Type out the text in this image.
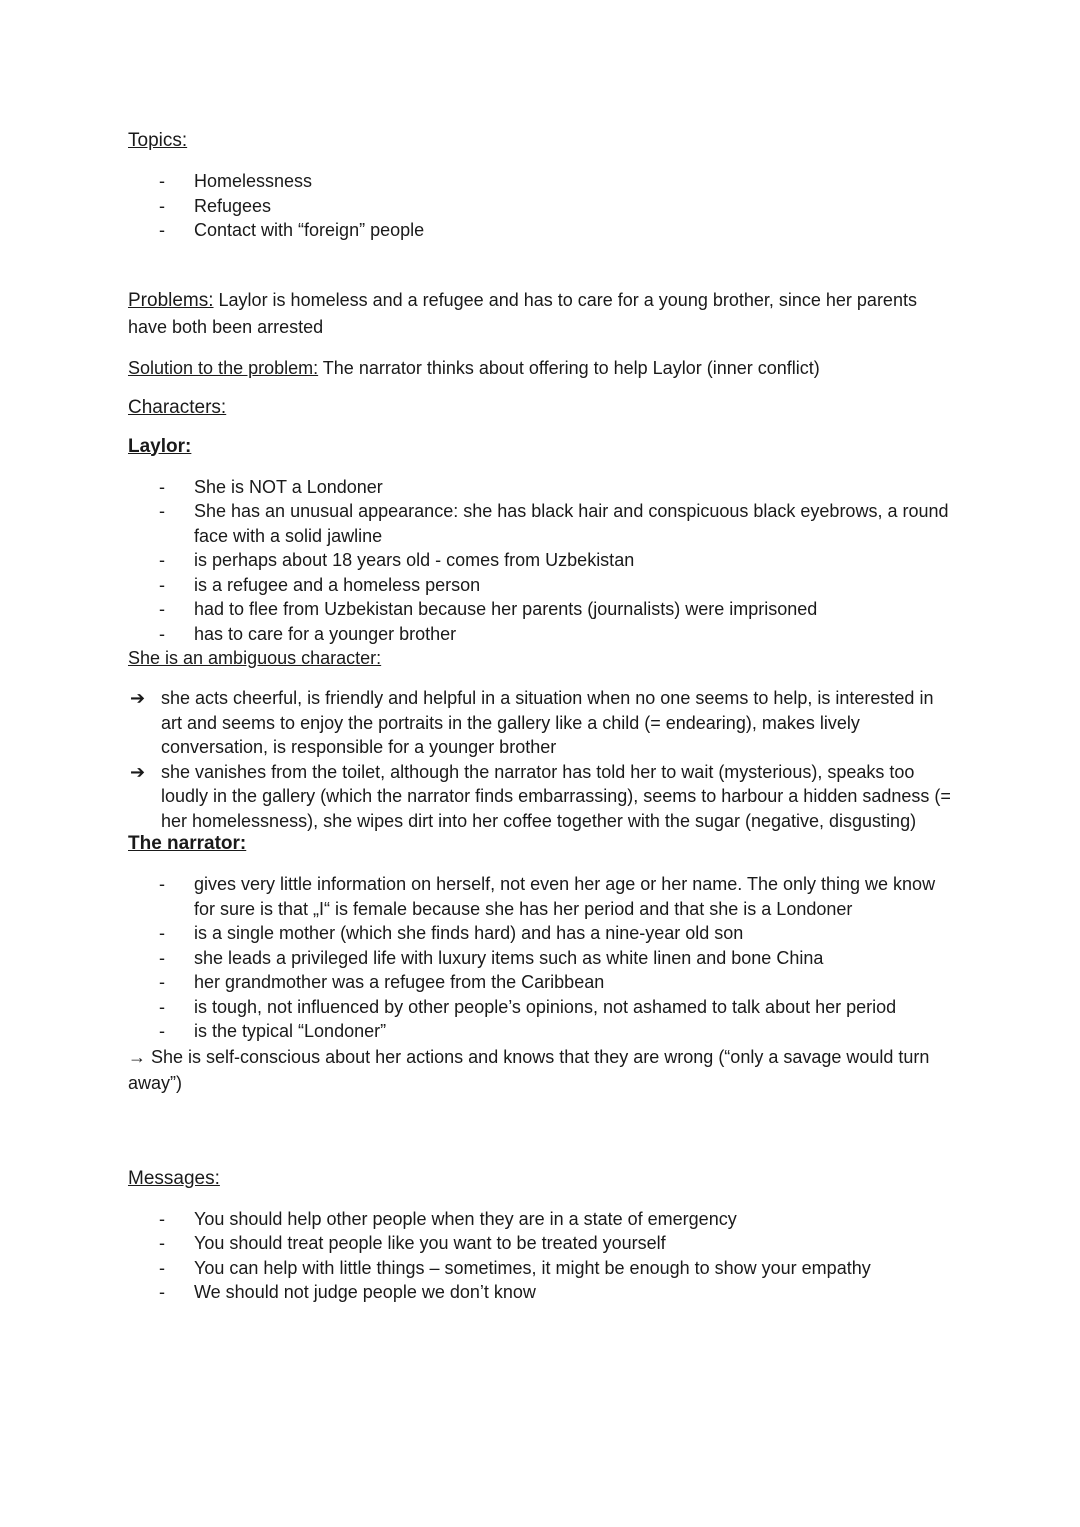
Topics:
- Homelessness
- Refugees
- Contact with “foreign” people

Problems: Laylor is homeless and a refugee and has to care for a young brother, since her parents have both been arrested

Solution to the problem: The narrator thinks about offering to help Laylor (inner conflict)

Characters:
Laylor:
- She is NOT a Londoner
- She has an unusual appearance: she has black hair and conspicuous black eyebrows, a round face with a solid jawline
- is perhaps about 18 years old - comes from Uzbekistan
- is a refugee and a homeless person
- had to flee from Uzbekistan because her parents (journalists) were imprisoned
- has to care for a younger brother
She is an ambiguous character:
➔ she acts cheerful, is friendly and helpful in a situation when no one seems to help, is interested in art and seems to enjoy the portraits in the gallery like a child (= endearing), makes lively conversation, is responsible for a younger brother
➔ she vanishes from the toilet, although the narrator has told her to wait (mysterious), speaks too loudly in the gallery (which the narrator finds embarrassing), seems to harbour a hidden sadness (= her homelessness), she wipes dirt into her coffee together with the sugar (negative, disgusting)
The narrator:
- gives very little information on herself, not even her age or her name. The only thing we know for sure is that „I“ is female because she has her period and that she is a Londoner
- is a single mother (which she finds hard) and has a nine-year old son
- she leads a privileged life with luxury items such as white linen and bone China
- her grandmother was a refugee from the Caribbean
- is tough, not influenced by other people’s opinions, not ashamed to talk about her period
- is the typical “Londoner”

→ She is self-conscious about her actions and knows that they are wrong (“only a savage would turn away”)

Messages:
- You should help other people when they are in a state of emergency
- You should treat people like you want to be treated yourself
- You can help with little things – sometimes, it might be enough to show your empathy
- We should not judge people we don’t know
